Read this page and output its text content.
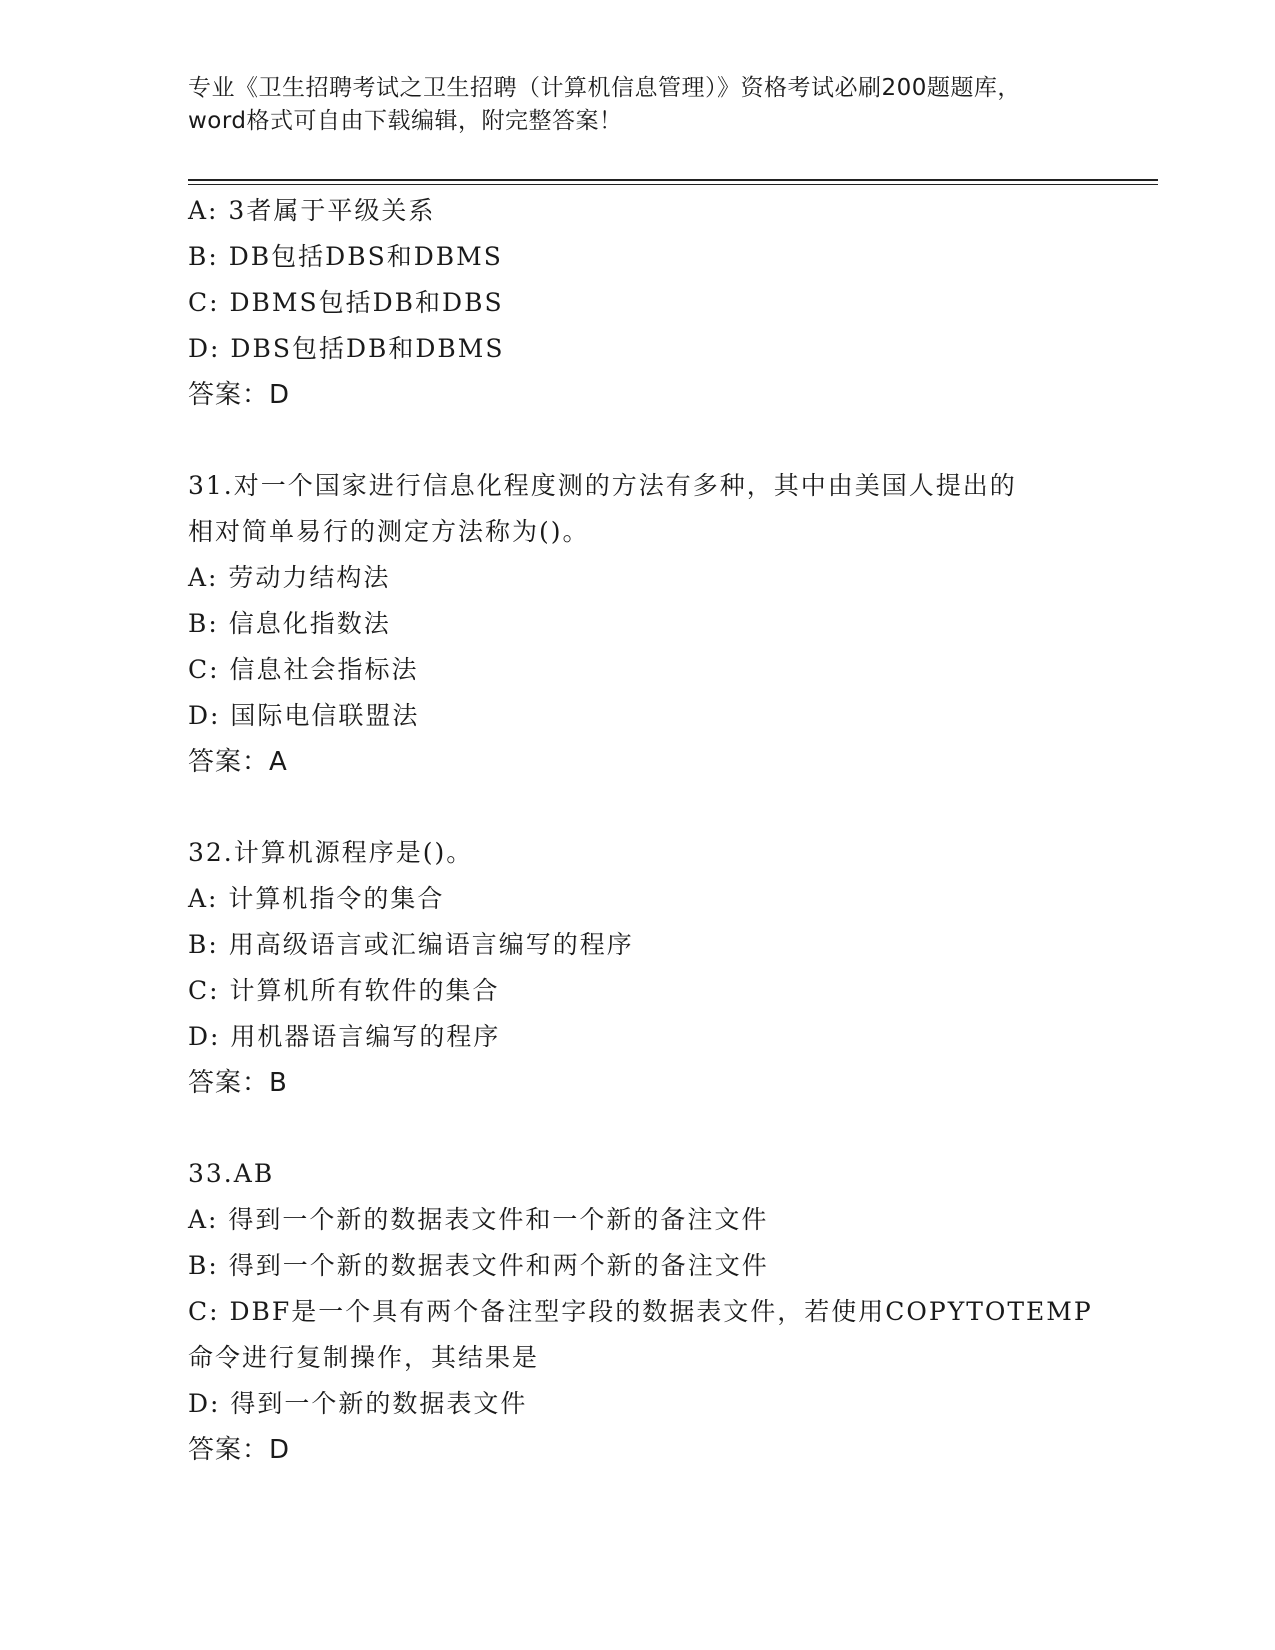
专业《卫生招聘考试之卫生招聘（计算机信息管理）》资格考试必刷200题题库，
word格式可自由下载编辑，附完整答案！
A: 3者属于平级关系
B: DB包括DBS和DBMS
C: DBMS包括DB和DBS
D: DBS包括DB和DBMS
答案：D
31.对一个国家进行信息化程度测的方法有多种，其中由美国人提出的
相对简单易行的测定方法称为()。
A: 劳动力结构法
B: 信息化指数法
C: 信息社会指标法
D: 国际电信联盟法
答案：A
32.计算机源程序是()。
A: 计算机指令的集合
B: 用高级语言或汇编语言编写的程序
C: 计算机所有软件的集合
D: 用机器语言编写的程序
答案：B
33.AB
A: 得到一个新的数据表文件和一个新的备注文件
B: 得到一个新的数据表文件和两个新的备注文件
C: DBF是一个具有两个备注型字段的数据表文件，若使用COPYTOTEMP
命令进行复制操作，其结果是
D: 得到一个新的数据表文件
答案：D
